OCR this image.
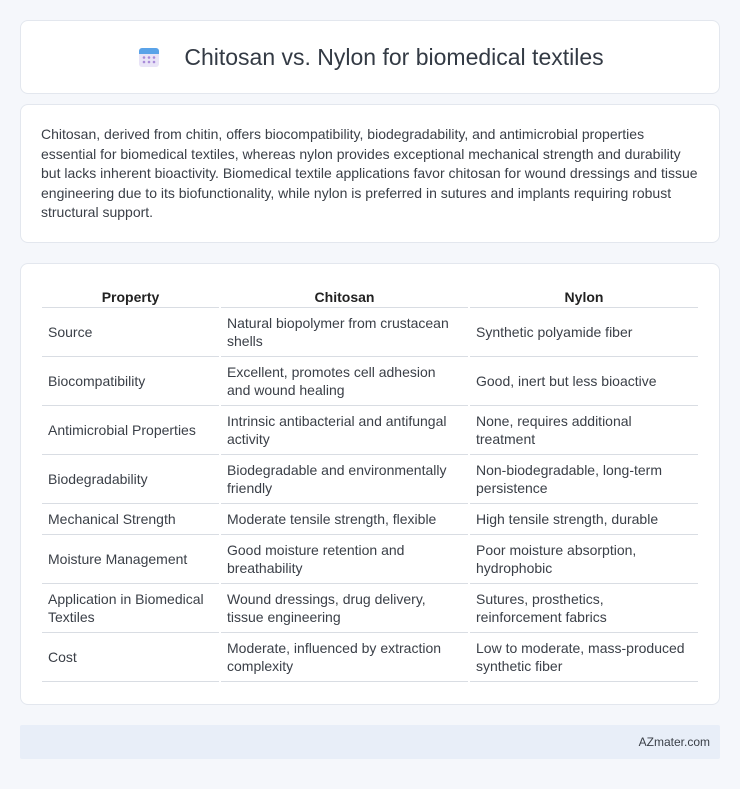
Chitosan vs. Nylon for biomedical textiles

Chitosan, derived from chitin, offers biocompatibility, biodegradability, and antimicrobial properties essential for biomedical textiles, whereas nylon provides exceptional mechanical strength and durability but lacks inherent bioactivity. Biomedical textile applications favor chitosan for wound dressings and tissue engineering due to its biofunctionality, while nylon is preferred in sutures and implants requiring robust structural support.

Property	Chitosan	Nylon
Source	Natural biopolymer from crustacean shells	Synthetic polyamide fiber
Biocompatibility	Excellent, promotes cell adhesion and wound healing	Good, inert but less bioactive
Antimicrobial Properties	Intrinsic antibacterial and antifungal activity	None, requires additional treatment
Biodegradability	Biodegradable and environmentally friendly	Non-biodegradable, long-term persistence
Mechanical Strength	Moderate tensile strength, flexible	High tensile strength, durable
Moisture Management	Good moisture retention and breathability	Poor moisture absorption, hydrophobic
Application in Biomedical Textiles	Wound dressings, drug delivery, tissue engineering	Sutures, prosthetics, reinforcement fabrics
Cost	Moderate, influenced by extraction complexity	Low to moderate, mass-produced synthetic fiber
AZmater.com
